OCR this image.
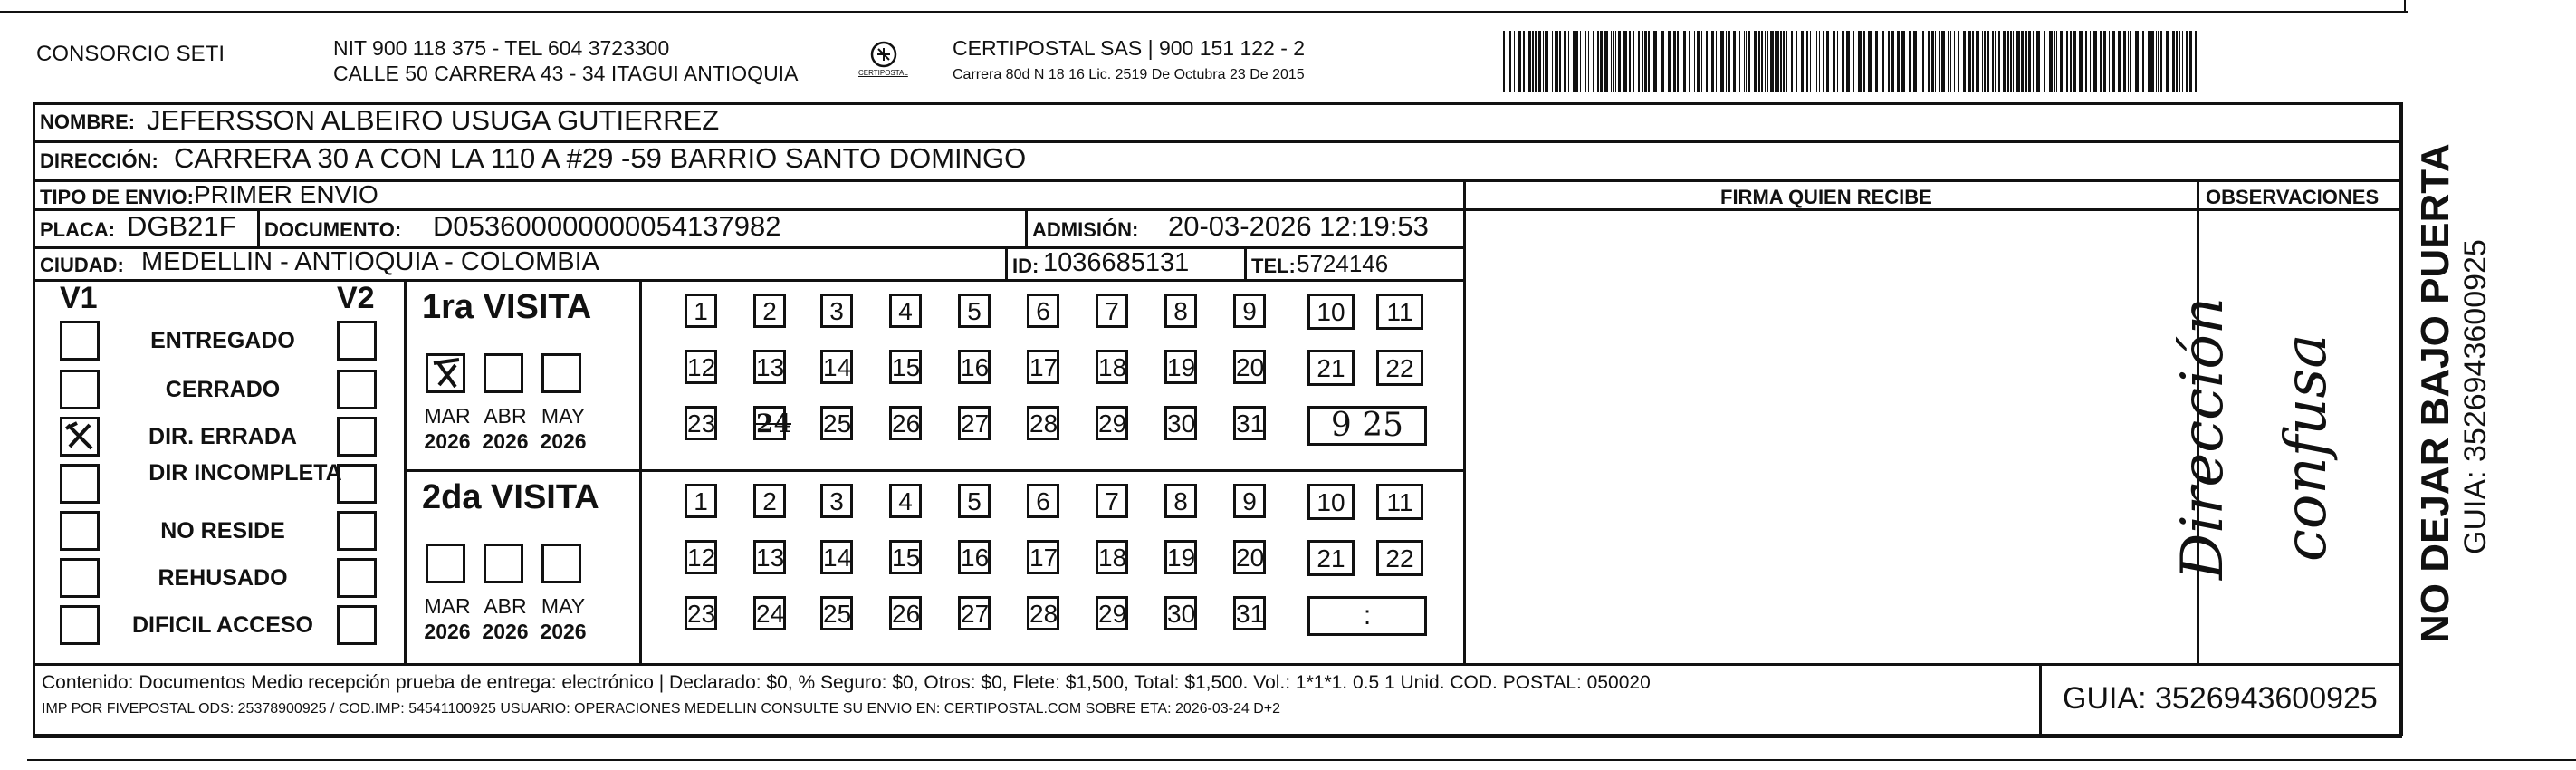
CONSORCIO SETI	NIT 900 118 375 - TEL 604 3723300
CALLE 50 CARRERA 43 - 34 ITAGUI ANTIOQUIA	CERTIPOSTAL
CERTIPOSTAL SAS | 900 151 122 - 2
Carrera 80d N 18 16 Lic. 2519 De Octubra 23 De 2015
NOMBRE: JEFERSSON ALBEIRO USUGA GUTIERREZ
DIRECCIÓN: CARRERA 30 A CON LA 110 A #29 -59 BARRIO SANTO DOMINGO
TIPO DE ENVIO: PRIMER ENVIO	FIRMA QUIEN RECIBE	OBSERVACIONES
PLACA: DGB21F DOCUMENTO: D053600000000054137982	ADMISIÓN: 20-03-2026 12:19:53
CIUDAD: MEDELLIN - ANTIOQUIA - COLOMBIA	ID: 1036685131	TEL: 5724146
V1	V2
ENTREGADO
CERRADO
DIR. ERRADA
DIR INCOMPLETA
NO RESIDE
REHUSADO
DIFICIL ACCESO
1ra VISITA
2da VISITA
MAR
2026
ABR
2026
MAY
2026
MAR
2026
ABR
2026
MAY
2026
1	2	3	4	5	6	7	8	9	10	11
12 13 14 15 16 17 18 19 20	21	22
23 24 25 26 27 28 29 30 31	9 25
1	2	3	4	5	6	7	8	9	10	11
12 13 14 15 16 17 18 19 20	21	22
23 24 25 26 27 28 29 30 31	:
Dirección confusa NO DEJAR BAJO PUERTA GUIA: 3526943600925
Contenido: Documentos Medio recepción prueba de entrega: electrónico | Declarado: $0, % Seguro: $0, Otros: $0, Flete: $1,500, Total: $1,500. Vol.: 1*1*1. 0.5 1 Unid. COD. POSTAL: 050020
IMP POR FIVEPOSTAL ODS: 25378900925 / COD.IMP: 54541100925 USUARIO: OPERACIONES MEDELLIN CONSULTE SU ENVIO EN: CERTIPOSTAL.COM SOBRE ETA: 2026-03-24 D+2	GUIA: 3526943600925
